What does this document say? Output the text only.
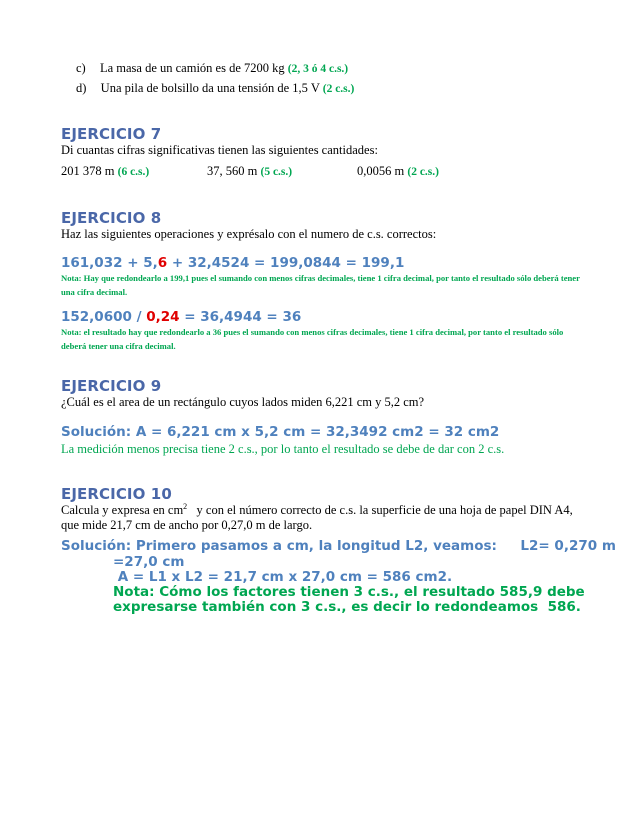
c) La masa de un camión es de 7200 kg (2, 3 ó 4 c.s.)
d) Una pila de bolsillo da una tensión de 1,5 V (2 c.s.)
EJERCICIO 7
Di cuantas cifras significativas tienen las siguientes cantidades:
201 378 m (6 c.s.)	37, 560 m (5 c.s.)	0,0056 m (2 c.s.)
EJERCICIO 8
Haz las siguientes operaciones y exprésalo con el numero de c.s. correctos:
161,032 + 5,6 + 32,4524 = 199,0844 = 199,1
Nota: Hay que redondearlo a 199,1 pues el sumando con menos cifras decimales, tiene 1 cifra decimal, por tanto el resultado sólo deberá tener una cifra decimal.
152,0600 / 0,24 = 36,4944 = 36
Nota: el resultado hay que redondearlo a 36 pues el sumando con menos cifras decimales, tiene 1 cifra decimal, por tanto el resultado sólo deberá tener una cifra decimal.
EJERCICIO 9
¿Cuál es el area de un rectángulo cuyos lados miden 6,221 cm y 5,2 cm?
Solución: A = 6,221 cm x 5,2 cm = 32,3492 cm2 = 32 cm2
La medición menos precisa tiene 2 c.s., por lo tanto el resultado se debe de dar con 2 c.s.
EJERCICIO 10
Calcula y expresa en $cm^2$   y con el número correcto de c.s. la superficie de una hoja de papel DIN A4,
que mide 21,7 cm de ancho por 0,27,0 m de largo.
Solución: Primero pasamos a cm, la longitud L2, veamos:     L2= 0,270 m
=27,0 cm
A = L1 x L2 = 21,7 cm x 27,0 cm = 586 cm2.
Nota: Cómo los factores tienen 3 c.s., el resultado 585,9 debe
expresarse también con 3 c.s., es decir lo redondeamos  586.
